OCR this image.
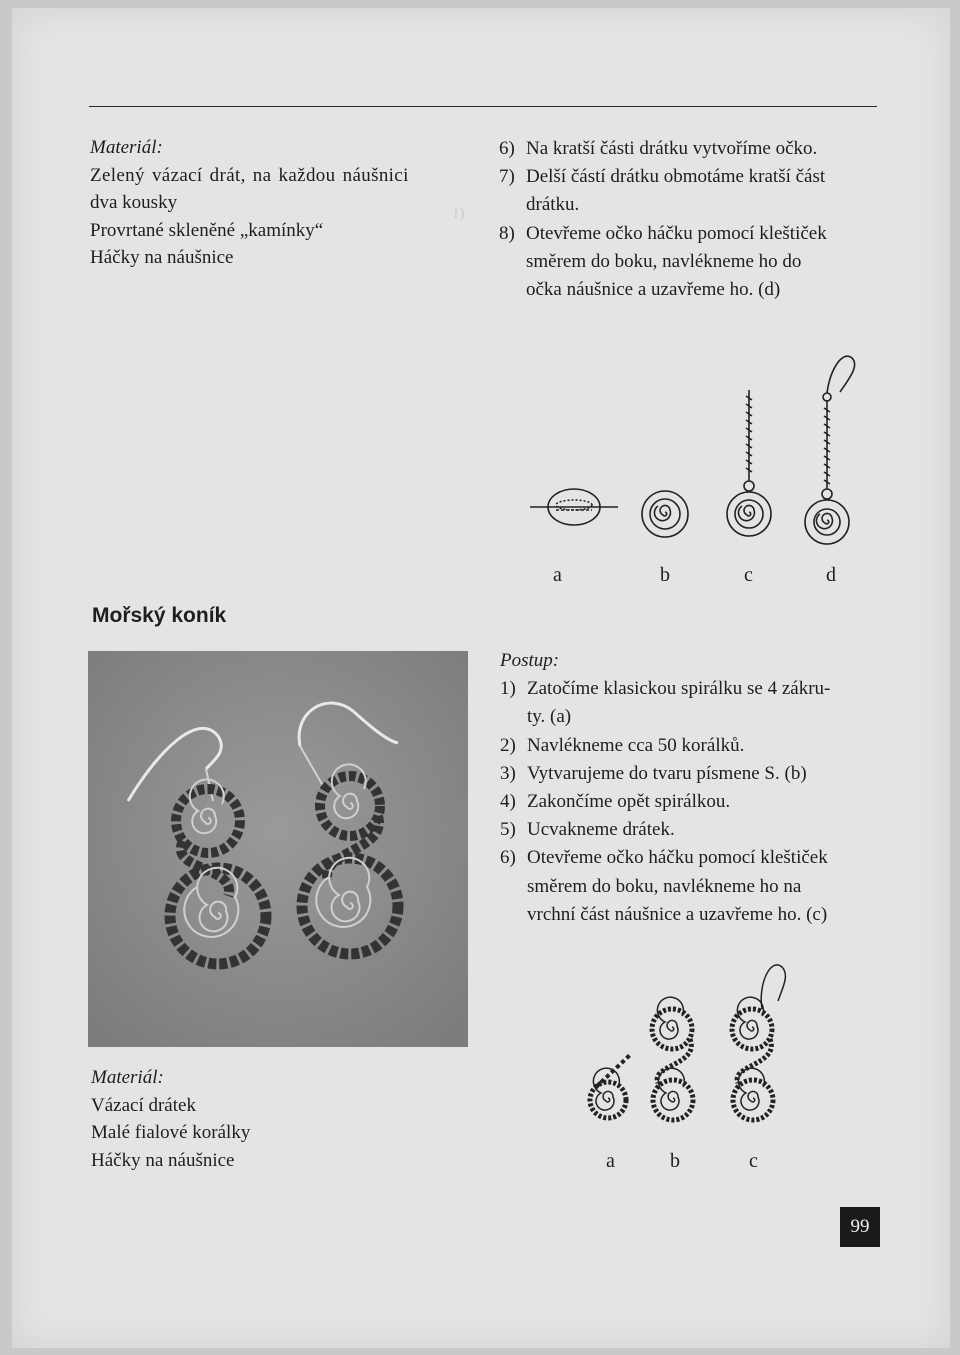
1)
Materiál:
Zelený vázací drát, na každou náušnici
dva kousky
Provrtané skleněné „kamínky“
Háčky na náušnice
6) Na kratší části drátku vytvoříme očko.
7) Delší částí drátku obmotáme kratší část
drátku.
8) Otevřeme očko háčku pomocí kleštiček
směrem do boku, navlékneme ho do
očka náušnice a uzavřeme ho. (d)
a	b	c	d
Mořský koník
Postup:
1) Zatočíme klasickou spirálku se 4 zákru-
ty. (a)
2) Navlékneme cca 50 korálků.
3) Vytvarujeme do tvaru písmene S. (b)
4) Zakončíme opět spirálkou.
5) Ucvakneme drátek.
6) Otevřeme očko háčku pomocí kleštiček
směrem do boku, navlékneme ho na
vrchní část náušnice a uzavřeme ho. (c)
a	b	c
Materiál:
Vázací drátek
Malé fialové korálky
Háčky na náušnice
99
